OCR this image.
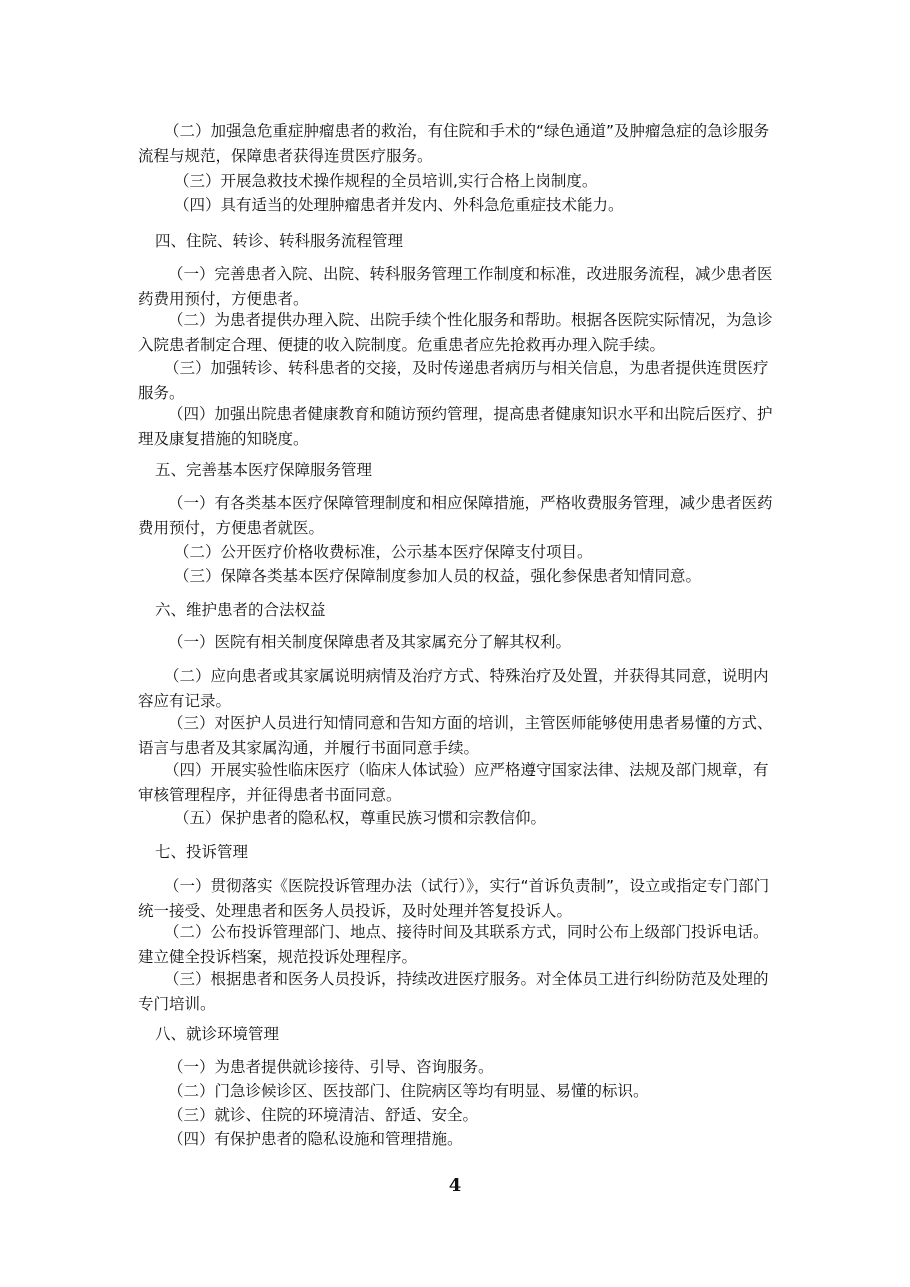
（二）加强急危重症肿瘤患者的救治，有住院和手术的“绿色通道”及肿瘤急症的急诊服务流程与规范，保障患者获得连贯医疗服务。

（三）开展急救技术操作规程的全员培训,实行合格上岗制度。

（四）具有适当的处理肿瘤患者并发内、外科急危重症技术能力。

四、住院、转诊、转科服务流程管理

（一）完善患者入院、出院、转科服务管理工作制度和标准，改进服务流程，减少患者医药费用预付，方便患者。

（二）为患者提供办理入院、出院手续个性化服务和帮助。根据各医院实际情况，为急诊入院患者制定合理、便捷的收入院制度。危重患者应先抢救再办理入院手续。

（三）加强转诊、转科患者的交接，及时传递患者病历与相关信息，为患者提供连贯医疗服务。

（四）加强出院患者健康教育和随访预约管理，提高患者健康知识水平和出院后医疗、护理及康复措施的知晓度。

五、完善基本医疗保障服务管理

（一）有各类基本医疗保障管理制度和相应保障措施，严格收费服务管理，减少患者医药费用预付，方便患者就医。

（二）公开医疗价格收费标准，公示基本医疗保障支付项目。

（三）保障各类基本医疗保障制度参加人员的权益，强化参保患者知情同意。

六、维护患者的合法权益

（一）医院有相关制度保障患者及其家属充分了解其权利。

（二）应向患者或其家属说明病情及治疗方式、特殊治疗及处置，并获得其同意，说明内容应有记录。

（三）对医护人员进行知情同意和告知方面的培训，主管医师能够使用患者易懂的方式、语言与患者及其家属沟通，并履行书面同意手续。

（四）开展实验性临床医疗（临床人体试验）应严格遵守国家法律、法规及部门规章，有审核管理程序，并征得患者书面同意。

（五）保护患者的隐私权，尊重民族习惯和宗教信仰。

七、投诉管理

（一）贯彻落实《医院投诉管理办法（试行）》，实行“首诉负责制”，设立或指定专门部门统一接受、处理患者和医务人员投诉，及时处理并答复投诉人。

（二）公布投诉管理部门、地点、接待时间及其联系方式，同时公布上级部门投诉电话。建立健全投诉档案，规范投诉处理程序。

（三）根据患者和医务人员投诉，持续改进医疗服务。对全体员工进行纠纷防范及处理的专门培训。

八、就诊环境管理

（一）为患者提供就诊接待、引导、咨询服务。

（二）门急诊候诊区、医技部门、住院病区等均有明显、易懂的标识。

（三）就诊、住院的环境清洁、舒适、安全。

（四）有保护患者的隐私设施和管理措施。

4
